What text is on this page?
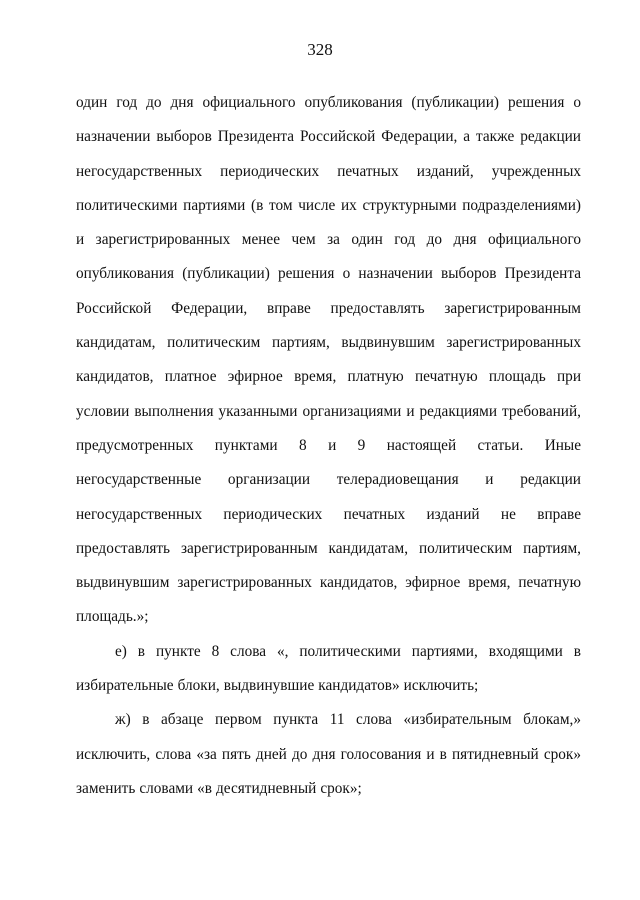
328

один год до дня официального опубликования (публикации) решения о назначении выборов Президента Российской Федерации, а также редакции негосударственных периодических печатных изданий, учрежденных политическими партиями (в том числе их структурными подразделениями) и зарегистрированных менее чем за один год до дня официального опубликования (публикации) решения о назначении выборов Президента Российской Федерации, вправе предоставлять зарегистрированным кандидатам, политическим партиям, выдвинувшим зарегистрированных кандидатов, платное эфирное время, платную печатную площадь при условии выполнения указанными организациями и редакциями требований, предусмотренных пунктами 8 и 9 настоящей статьи. Иные негосударственные организации телерадиовещания и редакции негосударственных периодических печатных изданий не вправе предоставлять зарегистрированным кандидатам, политическим партиям, выдвинувшим зарегистрированных кандидатов, эфирное время, печатную площадь.»;

е) в пункте 8 слова «, политическими партиями, входящими в избирательные блоки, выдвинувшие кандидатов» исключить;

ж) в абзаце первом пункта 11 слова «избирательным блокам,» исключить, слова «за пять дней до дня голосования и в пятидневный срок» заменить словами «в десятидневный срок»;
